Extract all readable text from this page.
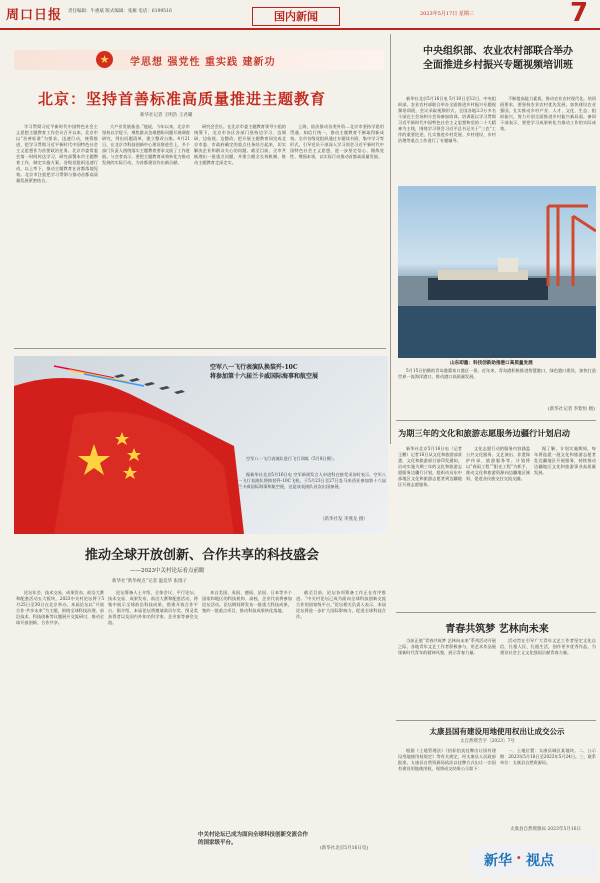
周口日报 责任编辑：牛惠斌 版式编辑：张雁 电话：6199516	国内新闻	2023年5月17日 星期三	7
★	学思想 强党性 重实践 建新功
北京：坚持首善标准高质量推进主题教育
新华社记者 王明浩 王君璐

学习贯彻习近平新时代中国特色社会主义思想主题教育工作会议召开以来，北京市以“首善标准”为要求，迅速行动，统筹推进，把学习贯彻习近平新时代中国特色社会主义思想作为首要政治任务。北京市委常委会第一时间传达学习，研究部署本市主题教育工作，制定实施方案。各级党组织迅速行动，以上率下，推动主题教育在首都落地见效。北京市注重把学习贯彻与推动首都高质量发展紧密结合。

大产业发展基金。”他说，今年以来，北京市坚持以学促干，聚焦群众急难愁盼问题开展调查研究，列出问题清单，建立整改台账。4月21日，在北京市科技创新中心建设推进会上，多个部门负责人围绕落实主题教育要求交流了工作进展。与会者表示，要把主题教育成效转化为推动发展的实际行动，为首都建设作出新贡献。

研究会会长。在北京市委主题教育领导小组的统筹下，北京市各区各部门坚持边学习、边调研、边检视、边整改，把开展主题教育同完成北京市委、市政府确定的重点任务结合起来，切实解决企业和群众关心的问题。截至目前，全市共梳理出一批重点问题，并建立健全长效机制，推动主题教育走深走实。

上海，依法推动各类外资…北京市坚持学思用贯通、知信行统一，推动主题教育不断取得新成效。全市各级党组织通过专题读书班、集中学习等形式，引导党员干部深入学习领会习近平新时代中国特色社会主义思想，进一步坚定信心、锤炼党性、增强本领，以实际行动推动首都高质量发展。

中央组织部、农业农村部联合举办
全面推进乡村振兴专题视频培训班

新华社北京5月16日电 5月10日至12日，中央组织部、农业农村部联合举办全面推进乡村振兴专题视频培训班，会议采取视频形式，全国各地3.3万多名干部在主会场和分会场参加培训。培训班以学习贯彻习近平新时代中国特色社会主义思想和党的二十大精神为主线，围绕学习领会习近平总书记关于“三农”工作的重要论述、扎实推进乡村发展、乡村建设、乡村治理等重点工作进行了专题辅导。

不断提高能力素质，推动农业农村现代化。培训班要求，要坚持农业农村优先发展，加快建设农业强国，扎实推动乡村产业、人才、文化、生态、组织振兴，努力开创全面推进乡村振兴新局面。参训干部表示，要把学习成果转化为推动工作的实际成效。

山东即墨：科技创新助推港口高质量发展

5月15日拍摄的青岛港董家口港区一景。近年来，青岛港积极推进智慧港口、绿色港口建设，加快打造世界一流海洋港口，推动港口高质量发展。

(新华社记者 李紫恒 摄)
空军八一飞行表演队换装歼-10C
将参加第十六届兰卡威国际海事和航空展

空军八一飞行表演队进行飞行训练（5月8日摄）。

据新华社北京5月16日电 空军新闻发言人申进科在接受采访时表示，空军八一飞行表演队将换装歼-10C飞机，于5月23日至27日赴马来西亚参加第十六届兰卡威国际海事和航空展，这是该表演队首次出国参展。

（新华社发 李燕龙 摄）
推动全球开放创新、合作共享的科技盛会
——2023中关村论坛看点前瞻
新华社“新华视点”记者 温竞华 张漫子

论坛年会、技术交易、成果发布、前沿大赛和配套活动五大板块，2023中关村论坛将于5月25日至30日在北京举办。本届论坛以“开放合作·共享未来”为主题，围绕全球科技治理、前沿技术、科技创新等议题展开交流研讨，推动全球开放创新、合作共享。

论坛筹备人士介绍，全体会议、平行论坛、技术交易、成果发布、前沿大赛和配套活动，将集中展示全球前沿科技成果，搭建开放合作平台。据介绍，本届论坛将邀请诺贝尔奖、图灵奖获得者以及国内外知名科学家、企业家等参会交流。

来自美国、英国、德国、法国、日本等多个国家和地区的科技机构、高校、企业代表将参加论坛活动。论坛期间将发布一批重大科技成果，签约一批重点项目，推动科技成果转化落地。

截至目前，论坛各项筹备工作正在有序推进。“中关村论坛已成为面向全球科技创新交流合作的国家级平台，”论坛相关负责人表示，本届论坛将进一步扩大国际影响力，促进全球科技合作。

中关村论坛已成为面向全球科技创新交流合作的国家级平台。
(新华社北京5月16日电)
为期三年的文化和旅游志愿服务边疆行计划启动

新华社北京5月16日电（记者王鹏）记者16日从文化和旅游部获悉，文化和旅游部日前印发通知，启动实施为期三年的文化和旅游志愿服务边疆行计划，组织动员东中部地区文化和旅游志愿者到边疆地区开展志愿服务。

文化志愿行动的服务内容涵盖公共文化服务、文艺演出、非遗保护传承、旅游服务等。计划将以“春雨工程”“阳光工程”为抓手，推动文化和旅游资源向边疆地区倾斜，促进各民族交往交流交融。

据了解，计划实施期间，每年将选派一批文化和旅游志愿者赴边疆地区开展服务，持续推动边疆地区文化和旅游事业高质量发展。

青春共筑梦 艺林向未来

当前正值“青春共筑梦 艺林向未来”系列活动开展之际，各地青年文艺工作者积极参与，用艺术作品展现新时代青年的精神风貌，展示青春力量。

活动旨在引导广大青年文艺工作者坚定文化自信，扎根人民、扎根生活，创作更多优秀作品，为建设社会主义文化强国贡献青春力量。

太康县国有建设用地使用权出让成交公示
太自然资告字〔2023〕7号

根据《土地管理法》《招标拍卖挂牌出让国有建设用地使用权规定》等有关规定，经太康县人民政府批准，太康县自然资源局依法以挂牌方式出让一宗国有建设用地使用权，现将成交结果公示如下：

一、土地位置：太康县城区某地块。二、公示期：2023年5月18日至2023年5月24日。三、联系单位：太康县自然资源局。

太康县自然资源局 2023年5月16日
新华 · 视点
